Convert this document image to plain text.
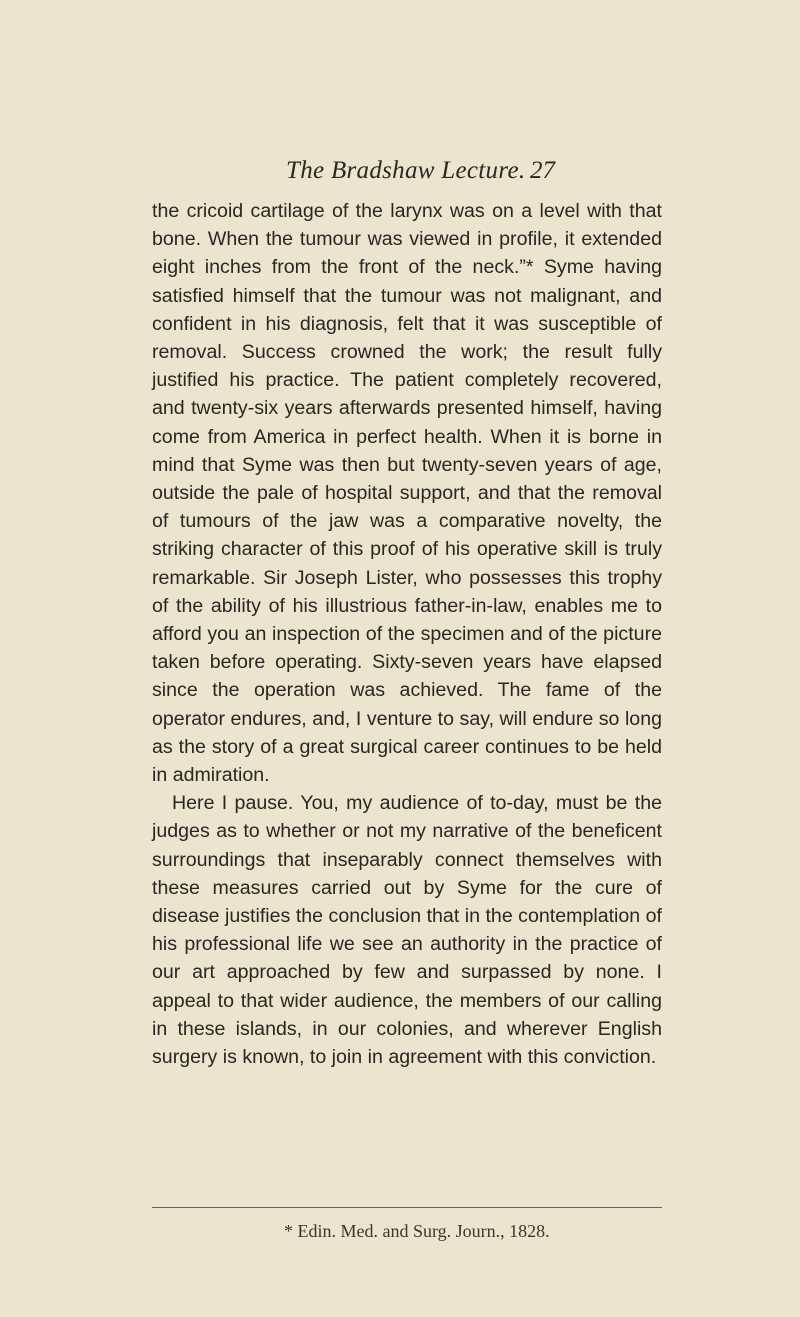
The Bradshaw Lecture. 27

the cricoid cartilage of the larynx was on a level with that bone. When the tumour was viewed in profile, it extended eight inches from the front of the neck.”* Syme having satisfied himself that the tumour was not malignant, and confident in his diagnosis, felt that it was susceptible of removal. Success crowned the work; the result fully justified his practice. The patient completely recovered, and twenty-six years afterwards presented himself, having come from America in perfect health. When it is borne in mind that Syme was then but twenty-seven years of age, outside the pale of hospital support, and that the removal of tumours of the jaw was a comparative novelty, the striking character of this proof of his operative skill is truly remarkable. Sir Joseph Lister, who possesses this trophy of the ability of his illustrious father-in-law, enables me to afford you an inspection of the specimen and of the picture taken before operating. Sixty-seven years have elapsed since the operation was achieved. The fame of the operator endures, and, I venture to say, will endure so long as the story of a great surgical career continues to be held in admiration.

Here I pause. You, my audience of to-day, must be the judges as to whether or not my narrative of the beneficent surroundings that inseparably connect themselves with these measures carried out by Syme for the cure of disease justifies the conclusion that in the contemplation of his professional life we see an authority in the practice of our art approached by few and surpassed by none. I appeal to that wider audience, the members of our calling in these islands, in our colonies, and wherever English surgery is known, to join in agreement with this conviction.

* Edin. Med. and Surg. Journ., 1828.
